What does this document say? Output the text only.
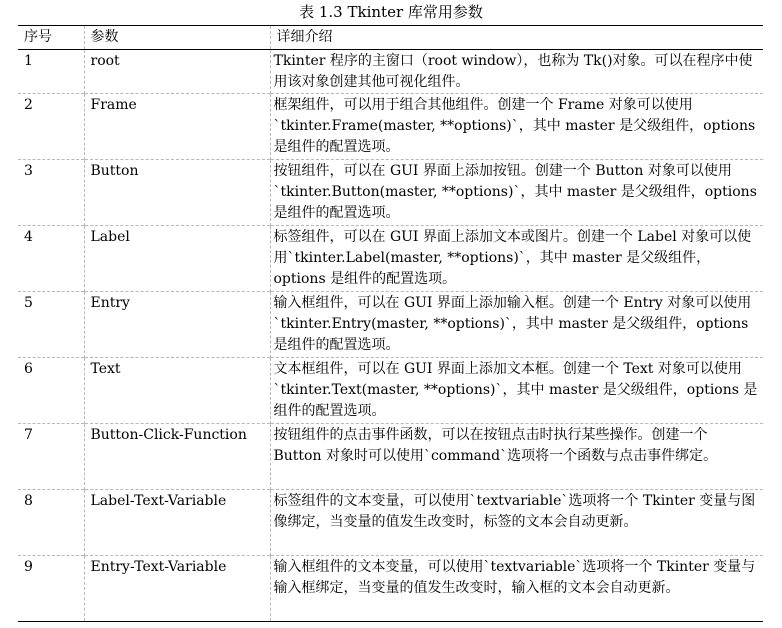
表 1.3 Tkinter 库常用参数
序号	参数	详细介绍
1	root	Tkinter 程序的主窗口（root window），也称为 Tk()对象。可以在程序中使用该对象创建其他可视化组件。
2	Frame	框架组件，可以用于组合其他组件。创建一个 Frame 对象可以使用`tkinter.Frame(master, **options)`，其中 master 是父级组件，options 是组件的配置选项。
3	Button	按钮组件，可以在 GUI 界面上添加按钮。创建一个 Button 对象可以使用`tkinter.Button(master, **options)`，其中 master 是父级组件，options 是组件的配置选项。
4	Label	标签组件，可以在 GUI 界面上添加文本或图片。创建一个 Label 对象可以使用`tkinter.Label(master, **options)`，其中 master 是父级组件，options 是组件的配置选项。
5	Entry	输入框组件，可以在 GUI 界面上添加输入框。创建一个 Entry 对象可以使用`tkinter.Entry(master, **options)`，其中 master 是父级组件，options 是组件的配置选项。
6	Text	文本框组件，可以在 GUI 界面上添加文本框。创建一个 Text 对象可以使用`tkinter.Text(master, **options)`，其中 master 是父级组件，options 是组件的配置选项。
7	Button-Click-Function	按钮组件的点击事件函数，可以在按钮点击时执行某些操作。创建一个 Button 对象时可以使用`command`选项将一个函数与点击事件绑定。
8	Label-Text-Variable	标签组件的文本变量，可以使用`textvariable`选项将一个 Tkinter 变量与图像绑定，当变量的值发生改变时，标签的文本会自动更新。
9	Entry-Text-Variable	输入框组件的文本变量，可以使用`textvariable`选项将一个 Tkinter 变量与输入框绑定，当变量的值发生改变时，输入框的文本会自动更新。
